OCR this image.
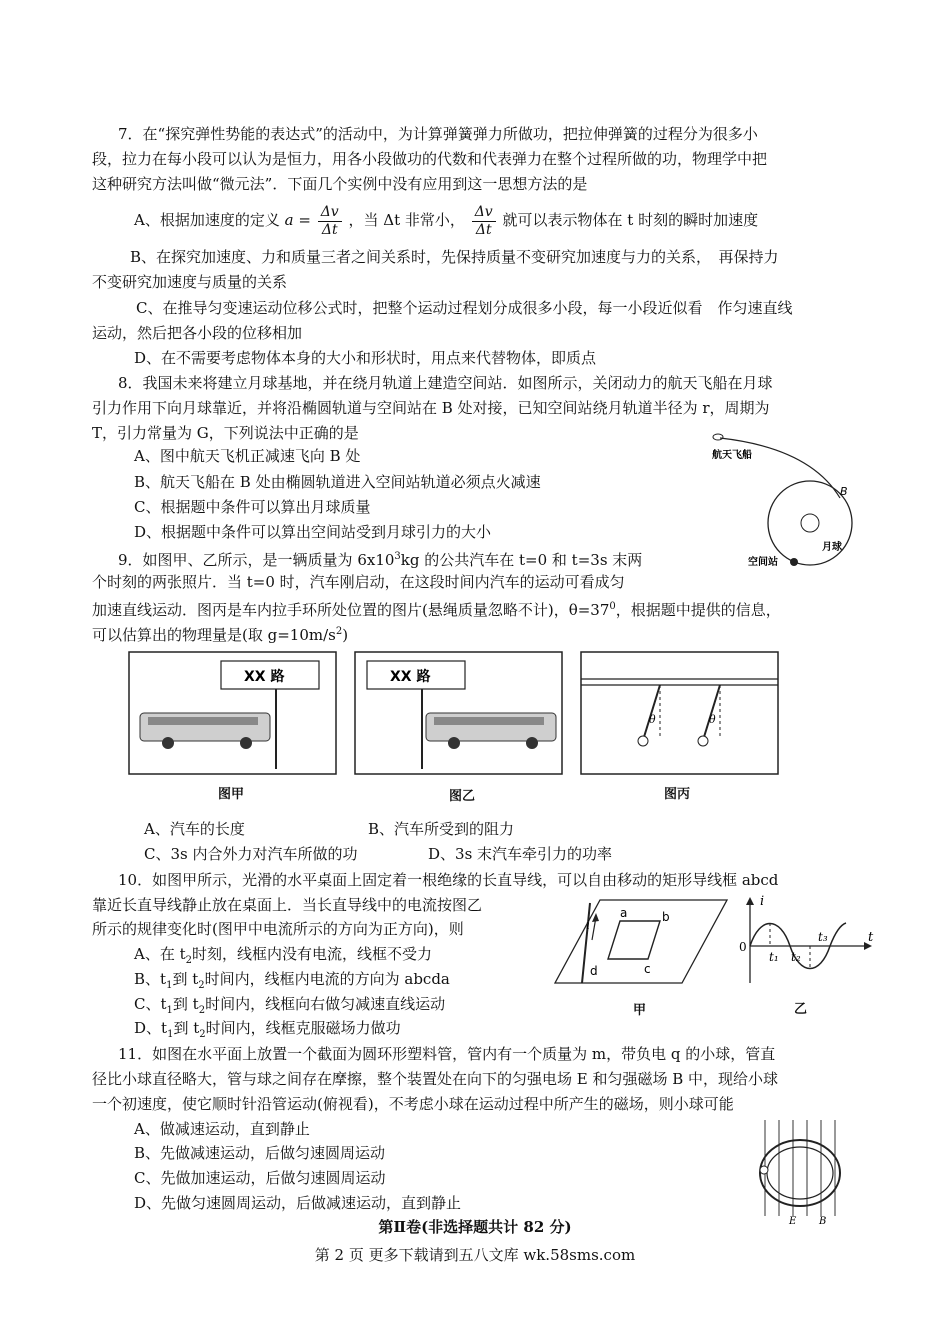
7．在“探究弹性势能的表达式”的活动中，为计算弹簧弹力所做功，把拉伸弹簧的过程分为很多小
段，拉力在每小段可以认为是恒力，用各小段做功的代数和代表弹力在整个过程所做的功，物理学中把
这种研究方法叫做“微元法”．下面几个实例中没有应用到这一思想方法的是
A、根据加速度的定义 $a = \frac{\Delta v}{\Delta t}$ ，当 Δt 非常小， $\frac{\Delta v}{\Delta t}$ 就可以表示物体在 t 时刻的瞬时加速度
B、在探究加速度、力和质量三者之间关系时，先保持质量不变研究加速度与力的关系，　再保持力
不变研究加速度与质量的关系
C、在推导匀变速运动位移公式时，把整个运动过程划分成很多小段，每一小段近似看　作匀速直线
运动，然后把各小段的位移相加
D、在不需要考虑物体本身的大小和形状时，用点来代替物体，即质点
8．我国未来将建立月球基地，并在绕月轨道上建造空间站．如图所示，关闭动力的航天飞船在月球
引力作用下向月球靠近，并将沿椭圆轨道与空间站在 B 处对接，已知空间站绕月轨道半径为 r，周期为
T，引力常量为 G，下列说法中正确的是
A、图中航天飞机正减速飞向 B 处
B、航天飞船在 B 处由椭圆轨道进入空间站轨道必须点火减速
C、根据题中条件可以算出月球质量
D、根据题中条件可以算出空间站受到月球引力的大小
航天飞船
B
月球
空间站
9．如图甲、乙所示，是一辆质量为 $6x10^3kg$ 的公共汽车在 t=0 和 t=3s 末两
个时刻的两张照片．当 t=0 时，汽车刚启动，在这段时间内汽车的运动可看成匀
加速直线运动．图丙是车内拉手环所处位置的图片(悬绳质量忽略不计)，$\theta=37^0$，根据题中提供的信息，
可以估算出的物理量是(取 $g=10m/s^2$)
XX 路	XX 路
θ	θ
图甲	图乙	图丙
A、汽车的长度	B、汽车所受到的阻力
C、3s 内合外力对汽车所做的功	D、3s 末汽车牵引力的功率
10．如图甲所示，光滑的水平桌面上固定着一根绝缘的长直导线，可以自由移动的矩形导线框 abcd
靠近长直导线静止放在桌面上．当长直导线中的电流按图乙
所示的规律变化时(图甲中电流所示的方向为正方向)，则
A、在 $t_2$时刻，线框内没有电流，线框不受力
B、$t_1$到 $t_2$时间内，线框内电流的方向为 abcda
C、$t_1$到 $t_2$时间内，线框向右做匀减速直线运动
D、$t_1$到 $t_2$时间内，线框克服磁场力做功
i
a	b
c
d
i
0
t
t₁ t₂
t₃
甲	乙
11．如图在水平面上放置一个截面为圆环形塑料管，管内有一个质量为 m，带负电 q 的小球，管直
径比小球直径略大，管与球之间存在摩擦，整个装置处在向下的匀强电场 E 和匀强磁场 B 中，现给小球
一个初速度，使它顺时针沿管运动(俯视看)，不考虑小球在运动过程中所产生的磁场，则小球可能
A、做减速运动，直到静止
B、先做减速运动，后做匀速圆周运动
C、先做加速运动，后做匀速圆周运动
D、先做匀速圆周运动，后做减速运动，直到静止
E B
第Ⅱ卷(非选择题共计 82 分)
第 2 页 更多下载请到五八文库 wk.58sms.com
